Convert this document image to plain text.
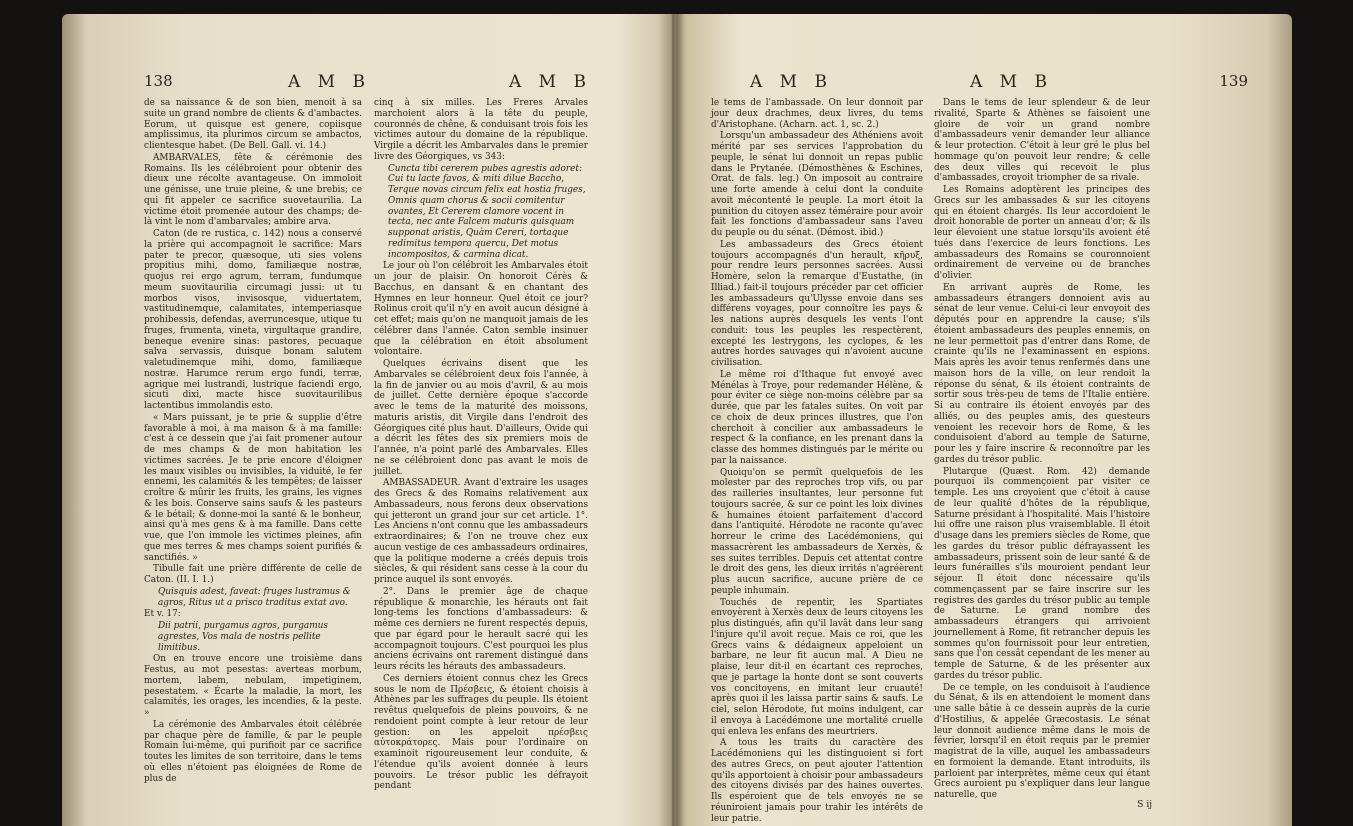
138	A M B	A M B

de sa naissance & de son bien, menoit à sa suite un grand nombre de clients & d'ambactes. Eorum, ut quisque est genere, copiisque amplissimus, ita plurimos circum se ambactos, clientesque habet. (De Bell. Gall. vi. 14.)

AMBARVALES, fête & cérémonie des Romains. Ils les célébroient pour obtenir des dieux une récolte avantageuse. On immoloit une génisse, une truie pleine, & une brebis; ce qui fit appeler ce sacrifice suovetaurilia. La victime étoit promenée autour des champs; de-là vint le nom d'ambarvales; ambire arva.

Caton (de re rustica, c. 142) nous a conservé la prière qui accompagnoit le sacrifice: Mars pater te precor, quæsoque, uti sies volens propitius mihi, domo, familiæque nostræ, quojus rei ergo agrum, terram, fundumque meum suovitaurilia circumagi jussi: ut tu morbos visos, invisosque, viduertatem, vastitudinemque, calamitates, intemperiasque prohibessis, defendas, averruncesque, utique tu fruges, frumenta, vineta, virgultaque grandire, beneque evenire sinas: pastores, pecuaque salva servassis, duisque bonam salutem valetudinemque mihi, domo, familiæque nostræ. Harumce rerum ergo fundi, terræ, agrique mei lustrandi, lustrique faciendi ergo, sicuti dixi, macte hisce suovitaurilibus lactentibus immolandis esto.

« Mars puissant, je te prie & supplie d'être favorable à moi, à ma maison & à ma famille: c'est à ce dessein que j'ai fait promener autour de mes champs & de mon habitation les victimes sacrées. Je te prie encore d'éloigner les maux visibles ou invisibles, la viduité, le fer ennemi, les calamités & les tempêtes; de laisser croître & mûrir les fruits, les grains, les vignes & les bois. Conserve sains saufs & les pasteurs & le bétail; & donne-moi la santé & le bonheur, ainsi qu'à mes gens & à ma famille. Dans cette vue, que l'on immole les victimes pleines, afin que mes terres & mes champs soient purifiés & sanctifiés. »

Tibulle fait une prière différente de celle de Caton. (II. I. 1.)

Quisquis adest, faveat: fruges lustramus & agros, Ritus ut a prisco traditus extat avo.

Et v. 17:

Dii patrii, purgamus agros, purgamus agrestes, Vos mala de nostris pellite limitibus.

On en trouve encore une troisième dans Festus, au mot pesestas: averteas morbum, mortem, labem, nebulam, impetiginem, pesestatem. « Écarte la maladie, la mort, les calamités, les orages, les incendies, & la peste. »

La cérémonie des Ambarvales étoit célébrée par chaque père de famille, & par le peuple Romain lui-même, qui purifioit par ce sacrifice toutes les limites de son territoire, dans le tems où elles n'étoient pas éloignées de Rome de plus de

cinq à six milles. Les Freres Arvales marchoient alors à la tête du peuple, couronnés de chêne, & conduisant trois fois les victimes autour du domaine de la république. Virgile a décrit les Ambarvales dans le premier livre des Géorgiques, vs 343:

Cuncta tibi cererem pubes agrestis adoret: Cui tu lacte favos, & miti dilue Baccho, Terque novas circum felix eat hostia fruges, Omnis quam chorus & socii comitentur ovantes, Et Cererem clamore vocent in tecta, nec ante Falcem maturis quisquam supponat aristis, Quàm Cereri, tortaque redimitus tempora quercu, Det motus incompositos, & carmina dicat.

Le jour où l'on célébroit les Ambarvales étoit un jour de plaisir. On honoroit Cérès & Bacchus, en dansant & en chantant des Hymnes en leur honneur. Quel étoit ce jour? Rolinus croit qu'il n'y en avoit aucun désigné à cet effet; mais qu'on ne manquoit jamais de les célébrer dans l'année. Caton semble insinuer que la célébration en étoit absolument volontaire.

Quelques écrivains disent que les Ambarvales se célébroient deux fois l'année, à la fin de janvier ou au mois d'avril, & au mois de juillet. Cette dernière époque s'accorde avec le tems de la maturité des moissons, maturis aristis, dit Virgile dans l'endroit des Géorgiques cité plus haut. D'ailleurs, Ovide qui a décrit les fêtes des six premiers mois de l'année, n'a point parlé des Ambarvales. Elles ne se célébroient donc pas avant le mois de juillet.

AMBASSADEUR. Avant d'extraire les usages des Grecs & des Romains relativement aux Ambassadeurs, nous ferons deux observations qui jetteront un grand jour sur cet article. 1°. Les Anciens n'ont connu que les ambassadeurs extraordinaires; & l'on ne trouve chez eux aucun vestige de ces ambassadeurs ordinaires, que la politique moderne a créés depuis trois siècles, & qui résident sans cesse à la cour du prince auquel ils sont envoyés.

2°. Dans le premier âge de chaque république & monarchie, les hérauts ont fait long-tems les fonctions d'ambassadeurs: & même ces derniers ne furent respectés depuis, que par égard pour le herault sacré qui les accompagnoit toujours. C'est pourquoi les plus anciens écrivains ont rarement distingué dans leurs récits les hérauts des ambassadeurs.

Ces derniers étoient connus chez les Grecs sous le nom de Πρέσβεις, & étoient choisis à Athènes par les suffrages du peuple. Ils étoient revêtus quelquefois de pleins pouvoirs, & ne rendoient point compte à leur retour de leur gestion: on les appeloit πρέσβεις αὐτοκράτορες. Mais pour l'ordinaire on examinoit rigoureusement leur conduite, & l'étendue qu'ils avoient donnée à leurs pouvoirs. Le trésor public les défrayoit pendant

A M B	A M B	139

le tems de l'ambassade. On leur donnoit par jour deux drachmes, deux livres, du tems d'Aristophane. (Acharn. act. 1, sc. 2.)

Lorsqu'un ambassadeur des Athéniens avoit mérité par ses services l'approbation du peuple, le sénat lui donnoit un repas public dans le Prytanée. (Démosthènes & Eschines, Orat. de fals. leg.) On imposoit au contraire une forte amende à celui dont la conduite avoit mécontenté le peuple. La mort étoit la punition du citoyen assez téméraire pour avoir fait les fonctions d'ambassadeur sans l'aveu du peuple ou du sénat. (Démost. ibid.)

Les ambassadeurs des Grecs étoient toujours accompagnés d'un herault, κῆρυξ, pour rendre leurs personnes sacrées. Aussi Homère, selon la remarque d'Eustathe, (in Illiad.) fait-il toujours précéder par cet officier les ambassadeurs qu'Ulysse envoie dans ses différens voyages, pour connoître les pays & les nations auprès desquels les vents l'ont conduit: tous les peuples les respectèrent, excepté les lestrygons, les cyclopes, & les autres hordes sauvages qui n'avoient aucune civilisation.

Le même roi d'Ithaque fut envoyé avec Ménélas à Troye, pour redemander Hélène, & pour éviter ce siège non-moins célèbre par sa durée, que par les fatales suites. On voit par ce choix de deux princes illustres, que l'on cherchoit à concilier aux ambassadeurs le respect & la confiance, en les prenant dans la classe des hommes distingués par le mérite ou par la naissance.

Quoiqu'on se permît quelquefois de les molester par des reproches trop vifs, ou par des railleries insultantes, leur personne fut toujours sacrée, & sur ce point les loix divines & humaines étoient parfaitement d'accord dans l'antiquité. Hérodote ne raconte qu'avec horreur le crime des Lacédémoniens, qui massacrèrent les ambassadeurs de Xerxès, & ses suites terribles. Depuis cet attentat contre le droit des gens, les dieux irrités n'agréèrent plus aucun sacrifice, aucune prière de ce peuple inhumain.

Touchés de repentir, les Spartiates envoyèrent à Xerxès deux de leurs citoyens les plus distingués, afin qu'il lavât dans leur sang l'injure qu'il avoit reçue. Mais ce roi, que les Grecs vains & dédaigneux appeloient un barbare, ne leur fit aucun mal. A Dieu ne plaise, leur dit-il en écartant ces reproches, que je partage la honte dont se sont couverts vos concitoyens, en imitant leur cruauté! après quoi il les laissa partir sains & saufs. Le ciel, selon Hérodote, fut moins indulgent, car il envoya à Lacédémone une mortalité cruelle qui enleva les enfans des meurtriers.

A tous les traits du caractère des Lacédémoniens qui les distinguoient si fort des autres Grecs, on peut ajouter l'attention qu'ils apportoient à choisir pour ambassadeurs des citoyens divisés par des haines ouvertes. Ils espéroient que de tels envoyés ne se réuniroient jamais pour trahir les intérêts de leur patrie.

Dans le tems de leur splendeur & de leur rivalité, Sparte & Athènes se faisoient une gloire de voir un grand nombre d'ambassadeurs venir demander leur alliance & leur protection. C'étoit à leur gré le plus bel hommage qu'on pouvoit leur rendre; & celle des deux villes qui recevoit le plus d'ambassades, croyoit triompher de sa rivale.

Les Romains adoptèrent les principes des Grecs sur les ambassades & sur les citoyens qui en étoient chargés. Ils leur accordoient le droit honorable de porter un anneau d'or; & ils leur élevoient une statue lorsqu'ils avoient été tués dans l'exercice de leurs fonctions. Les ambassadeurs des Romains se couronnoient ordinairement de verveine ou de branches d'olivier.

En arrivant auprès de Rome, les ambassadeurs étrangers donnoient avis au sénat de leur venue. Celui-ci leur envoyoit des députés pour en apprendre la cause; s'ils étoient ambassadeurs des peuples ennemis, on ne leur permettoit pas d'entrer dans Rome, de crainte qu'ils ne l'examinassent en espions. Mais après les avoir tenus renfermés dans une maison hors de la ville, on leur rendoit la réponse du sénat, & ils étoient contraints de sortir sous très-peu de tems de l'Italie entière. Si au contraire ils étoient envoyés par des alliés, ou des peuples amis, des questeurs venoient les recevoir hors de Rome, & les conduisoient d'abord au temple de Saturne, pour les y faire inscrire & reconnoître par les gardes du trésor public.

Plutarque (Quæst. Rom. 42) demande pourquoi ils commençoient par visiter ce temple. Les uns croyoient que c'étoit à cause de leur qualité d'hôtes de la république, Saturne présidant à l'hospitalité. Mais l'histoire lui offre une raison plus vraisemblable. Il étoit d'usage dans les premiers siècles de Rome, que les gardes du trésor public défrayassent les ambassadeurs, prissent soin de leur santé & de leurs funérailles s'ils mouroient pendant leur séjour. Il étoit donc nécessaire qu'ils commençassent par se faire inscrire sur les registres des gardes du trésor public au temple de Saturne. Le grand nombre des ambassadeurs étrangers qui arrivoient journellement à Rome, fit retrancher depuis les sommes qu'on fournissoit pour leur entretien, sans que l'on cessât cependant de les mener au temple de Saturne, & de les présenter aux gardes du trésor public.

De ce temple, on les conduisoit à l'audience du Sénat, & ils en attendoient le moment dans une salle bâtie à ce dessein auprès de la curie d'Hostilius, & appelée Græcostasis. Le sénat leur donnoit audience même dans le mois de février, lorsqu'il en étoit requis par le premier magistrat de la ville, auquel les ambassadeurs en formoient la demande. Etant introduits, ils parloient par interprètes, même ceux qui étant Grecs auroient pu s'expliquer dans leur langue naturelle, que

S ij
